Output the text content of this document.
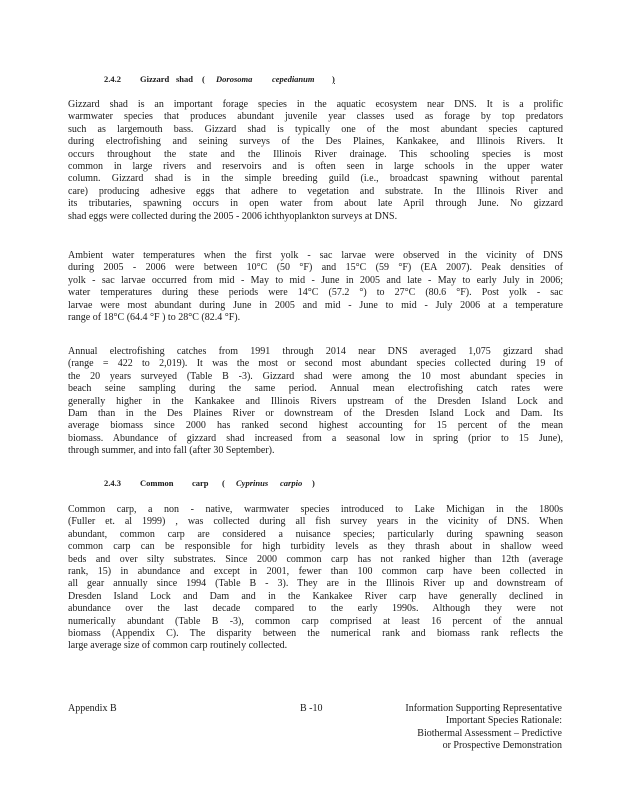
2.4.2	Gizzard shad	(	Dorosoma	cepedianum	)
Gizzard shad is an important forage species in the aquatic ecosystem near DNS. It is a prolific
warmwater species that produces abundant juvenile year classes used as forage by top predators
such as largemouth bass. Gizzard shad is typically one of the most abundant species captured
during electrofishing and seining surveys of the Des Plaines, Kankakee, and Illinois Rivers. It
occurs throughout the state and the Illinois River drainage. This schooling species is most
common in large rivers and reservoirs and is often seen in large schools in the upper water
column. Gizzard shad is in the simple breeding guild (i.e., broadcast spawning without parental
care) producing adhesive eggs that adhere to vegetation and substrate. In the Illinois River and
its tributaries, spawning occurs in open water from about late April through June. No gizzard
shad eggs were collected during the 2005 - 2006 ichthyoplankton surveys at DNS.
Ambient water temperatures when the first yolk - sac larvae were observed in the vicinity of DNS
during 2005 - 2006 were between 10°C (50 °F) and 15°C (59 °F) (EA 2007). Peak densities of
yolk - sac larvae occurred from mid - May to mid - June in 2005 and late - May to early July in 2006;
water temperatures during these periods were 14°C (57.2 °) to 27°C (80.6 °F). Post yolk - sac
larvae were most abundant during June in 2005 and mid - June to mid - July 2006 at a temperature
range of 18°C (64.4 °F ) to 28°C (82.4 °F).
Annual electrofishing catches from 1991 through 2014 near DNS averaged 1,075 gizzard shad
(range = 422 to 2,019). It was the most or second most abundant species collected during 19 of
the 20 years surveyed (Table B -3). Gizzard shad were among the 10 most abundant species in
beach seine sampling during the same period. Annual mean electrofishing catch rates were
generally higher in the Kankakee and Illinois Rivers upstream of the Dresden Island Lock and
Dam than in the Des Plaines River or downstream of the Dresden Island Lock and Dam. Its
average biomass since 2000 has ranked second highest accounting for 15 percent of the mean
biomass. Abundance of gizzard shad increased from a seasonal low in spring (prior to 15 June),
through summer, and into fall (after 30 September).
2.4.3	Common	carp	(	Cyprinus	carpio	)
Common carp, a non - native, warmwater species introduced to Lake Michigan in the 1800s
(Fuller et. al 1999) , was collected during all fish survey years in the vicinity of DNS. When
abundant, common carp are considered a nuisance species; particularly during spawning season
common carp can be responsible for high turbidity levels as they thrash about in shallow weed
beds and over silty substrates. Since 2000 common carp has not ranked higher than 12th (average
rank, 15) in abundance and except in 2001, fewer than 100 common carp have been collected in
all gear annually since 1994 (Table B - 3). They are in the Illinois River up and downstream of
Dresden Island Lock and Dam and in the Kankakee River carp have generally declined in
abundance over the last decade compared to the early 1990s. Although they were not
numerically abundant (Table B -3), common carp comprised at least 16 percent of the annual
biomass (Appendix C). The disparity between the numerical rank and biomass rank reflects the
large average size of common carp routinely collected.
Appendix B	B -10	Information Supporting Representative
Important Species Rationale:
Biothermal Assessment – Predictive
or Prospective Demonstration
